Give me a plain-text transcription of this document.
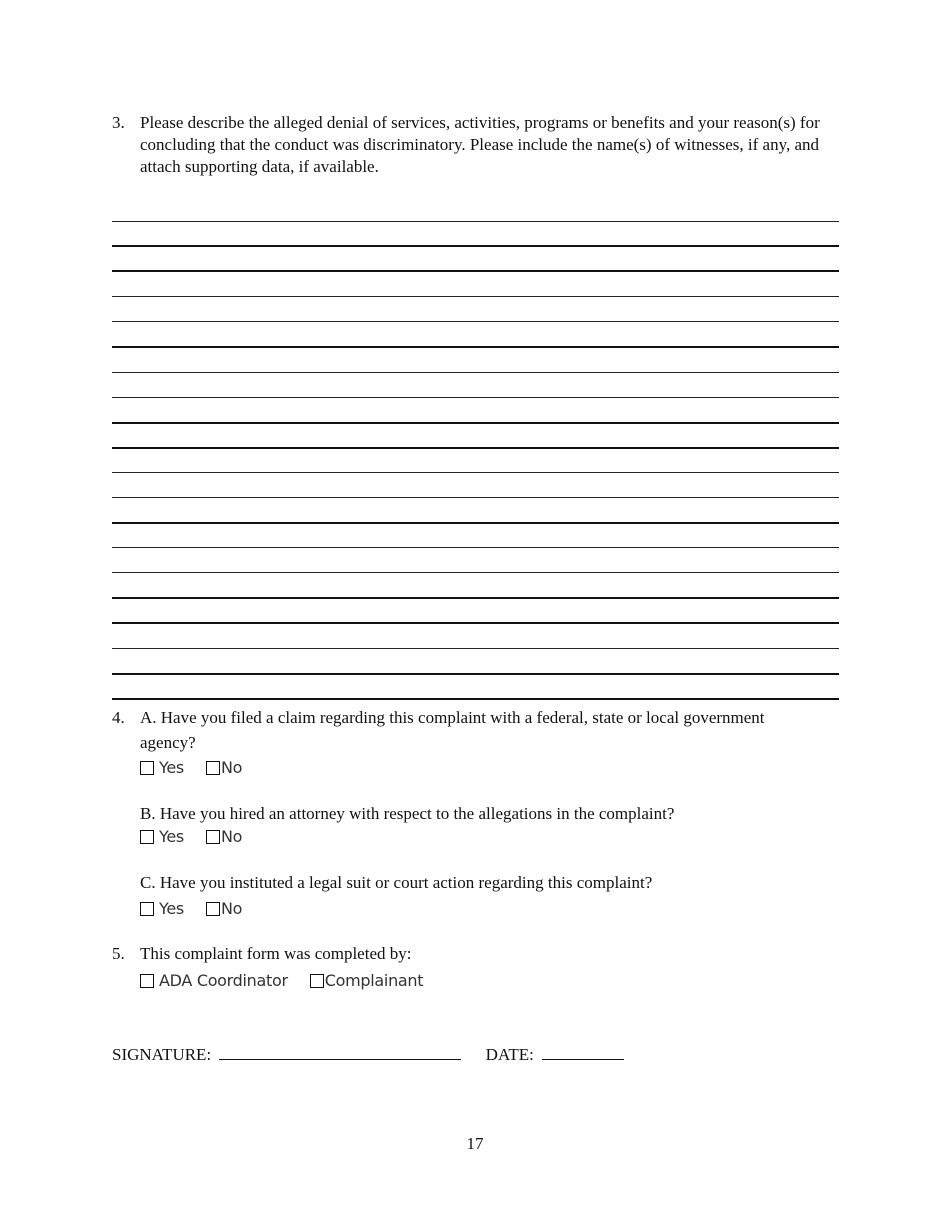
3. Please describe the alleged denial of services, activities, programs or benefits and your reason(s) for concluding that the conduct was discriminatory. Please include the name(s) of witnesses, if any, and attach supporting data, if available.
4. A. Have you filed a claim regarding this complaint with a federal, state or local government agency?
Yes No
B. Have you hired an attorney with respect to the allegations in the complaint?
Yes No
C. Have you instituted a legal suit or court action regarding this complaint?
Yes No
5. This complaint form was completed by:
ADA Coordinator Complainant
SIGNATURE:	DATE:
17
